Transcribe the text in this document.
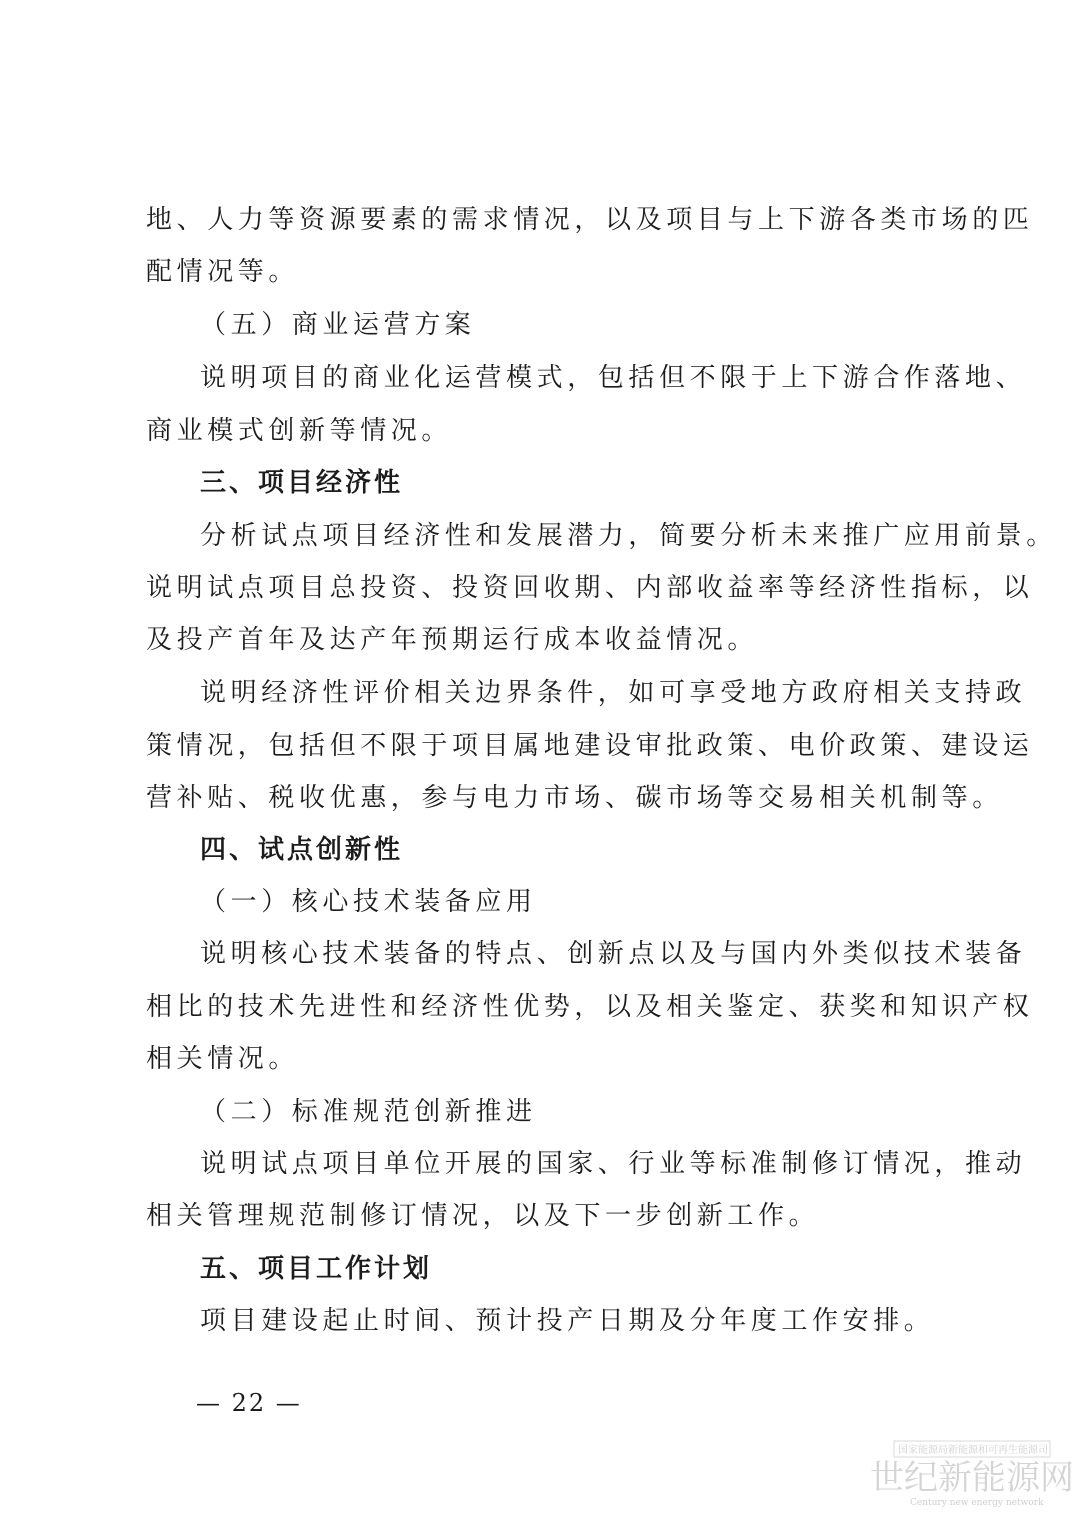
地、人力等资源要素的需求情况，以及项目与上下游各类市场的匹
配情况等。
（五）商业运营方案
说明项目的商业化运营模式，包括但不限于上下游合作落地、
商业模式创新等情况。
三、项目经济性
分析试点项目经济性和发展潜力，简要分析未来推广应用前景。
说明试点项目总投资、投资回收期、内部收益率等经济性指标，以
及投产首年及达产年预期运行成本收益情况。
说明经济性评价相关边界条件，如可享受地方政府相关支持政
策情况，包括但不限于项目属地建设审批政策、电价政策、建设运
营补贴、税收优惠，参与电力市场、碳市场等交易相关机制等。
四、试点创新性
（一）核心技术装备应用
说明核心技术装备的特点、创新点以及与国内外类似技术装备
相比的技术先进性和经济性优势，以及相关鉴定、获奖和知识产权
相关情况。
（二）标准规范创新推进
说明试点项目单位开展的国家、行业等标准制修订情况，推动
相关管理规范制修订情况，以及下一步创新工作。
五、项目工作计划
项目建设起止时间、预计投产日期及分年度工作安排。
— 22 —
国家能源局新能源和可再生能源司
世纪新能源网
Century new energy network
